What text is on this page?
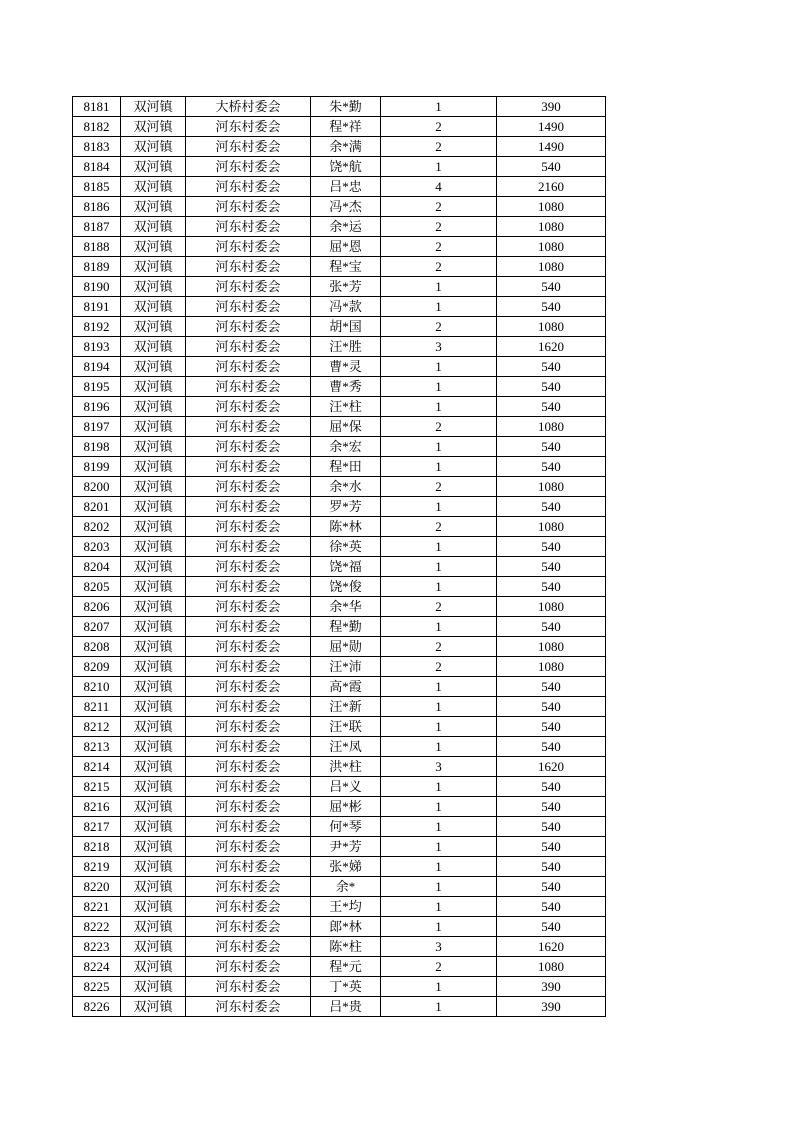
8181	双河镇	大桥村委会	朱*勤	1	390
8182	双河镇	河东村委会	程*祥	2	1490
8183	双河镇	河东村委会	余*满	2	1490
8184	双河镇	河东村委会	饶*航	1	540
8185	双河镇	河东村委会	吕*忠	4	2160
8186	双河镇	河东村委会	冯*杰	2	1080
8187	双河镇	河东村委会	余*运	2	1080
8188	双河镇	河东村委会	屈*恩	2	1080
8189	双河镇	河东村委会	程*宝	2	1080
8190	双河镇	河东村委会	张*芳	1	540
8191	双河镇	河东村委会	冯*款	1	540
8192	双河镇	河东村委会	胡*国	2	1080
8193	双河镇	河东村委会	汪*胜	3	1620
8194	双河镇	河东村委会	曹*灵	1	540
8195	双河镇	河东村委会	曹*秀	1	540
8196	双河镇	河东村委会	汪*柱	1	540
8197	双河镇	河东村委会	屈*保	2	1080
8198	双河镇	河东村委会	余*宏	1	540
8199	双河镇	河东村委会	程*田	1	540
8200	双河镇	河东村委会	余*水	2	1080
8201	双河镇	河东村委会	罗*芳	1	540
8202	双河镇	河东村委会	陈*林	2	1080
8203	双河镇	河东村委会	徐*英	1	540
8204	双河镇	河东村委会	饶*福	1	540
8205	双河镇	河东村委会	饶*俊	1	540
8206	双河镇	河东村委会	余*华	2	1080
8207	双河镇	河东村委会	程*勤	1	540
8208	双河镇	河东村委会	屈*勋	2	1080
8209	双河镇	河东村委会	汪*沛	2	1080
8210	双河镇	河东村委会	高*霞	1	540
8211	双河镇	河东村委会	汪*新	1	540
8212	双河镇	河东村委会	汪*联	1	540
8213	双河镇	河东村委会	汪*凤	1	540
8214	双河镇	河东村委会	洪*柱	3	1620
8215	双河镇	河东村委会	吕*义	1	540
8216	双河镇	河东村委会	屈*彬	1	540
8217	双河镇	河东村委会	何*琴	1	540
8218	双河镇	河东村委会	尹*芳	1	540
8219	双河镇	河东村委会	张*娣	1	540
8220	双河镇	河东村委会	余*	1	540
8221	双河镇	河东村委会	王*均	1	540
8222	双河镇	河东村委会	郎*林	1	540
8223	双河镇	河东村委会	陈*柱	3	1620
8224	双河镇	河东村委会	程*元	2	1080
8225	双河镇	河东村委会	丁*英	1	390
8226	双河镇	河东村委会	吕*贵	1	390
